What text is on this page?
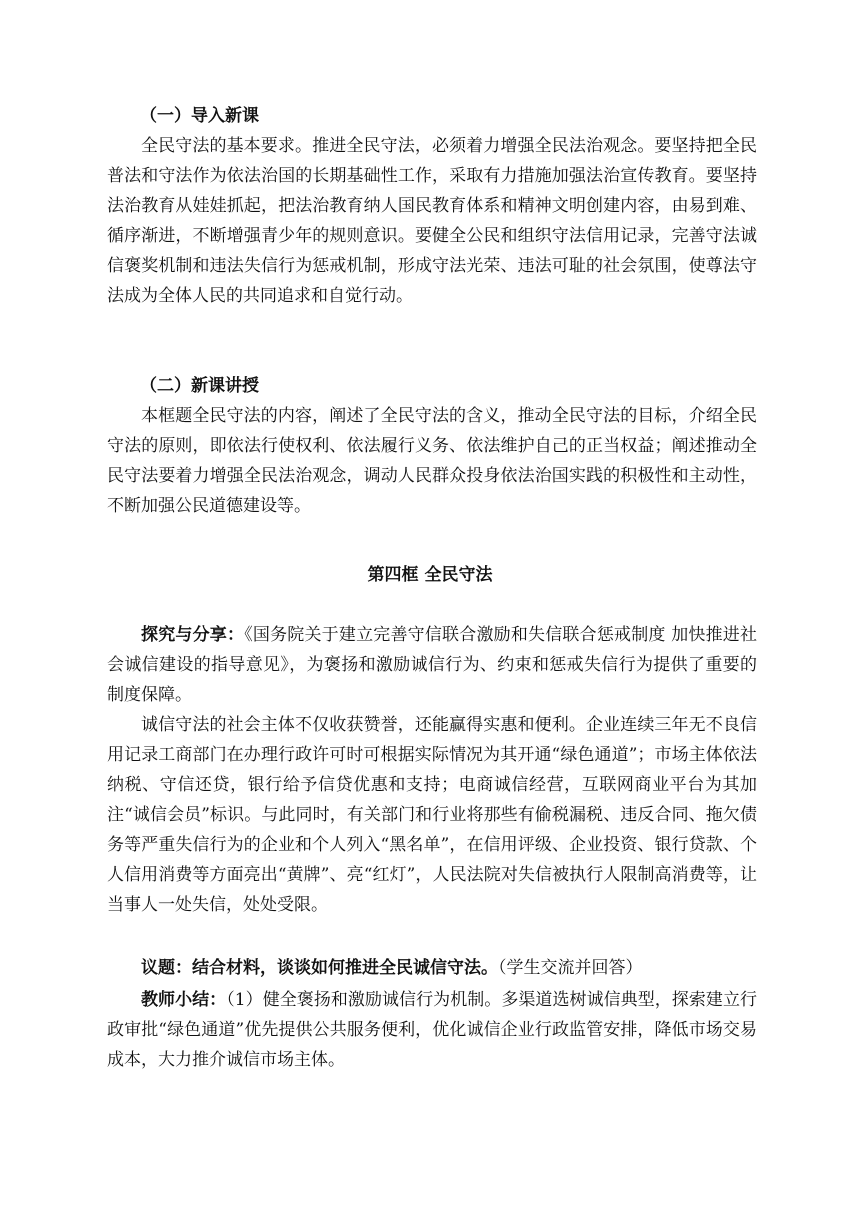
（一）导入新课
全民守法的基本要求。推进全民守法，必须着力增强全民法治观念。要坚持把全民普法和守法作为依法治国的长期基础性工作，采取有力措施加强法治宣传教育。要坚持法治教育从娃娃抓起，把法治教育纳人国民教育体系和精神文明创建内容，由易到难、循序渐进，不断增强青少年的规则意识。要健全公民和组织守法信用记录，完善守法诚信褒奖机制和违法失信行为惩戒机制，形成守法光荣、违法可耻的社会氛围，使尊法守法成为全体人民的共同追求和自觉行动。
（二）新课讲授
本框题全民守法的内容，阐述了全民守法的含义，推动全民守法的目标，介绍全民守法的原则，即依法行使权利、依法履行义务、依法维护自己的正当权益；阐述推动全民守法要着力增强全民法治观念，调动人民群众投身依法治国实践的积极性和主动性，不断加强公民道德建设等。
第四框 全民守法
探究与分享：《国务院关于建立完善守信联合激励和失信联合惩戒制度 加快推进社会诚信建设的指导意见》，为褒扬和激励诚信行为、约束和惩戒失信行为提供了重要的制度保障。
诚信守法的社会主体不仅收获赞誉，还能赢得实惠和便利。企业连续三年无不良信用记录工商部门在办理行政许可时可根据实际情况为其开通“绿色通道”；市场主体依法纳税、守信还贷，银行给予信贷优惠和支持；电商诚信经营，互联网商业平台为其加注“诚信会员”标识。与此同时，有关部门和行业将那些有偷税漏税、违反合同、拖欠债务等严重失信行为的企业和个人列入“黑名单”，在信用评级、企业投资、银行贷款、个人信用消费等方面亮出“黄牌”、亮“红灯”，人民法院对失信被执行人限制高消费等，让当事人一处失信，处处受限。
议题：结合材料，谈谈如何推进全民诚信守法。（学生交流并回答）
教师小结：（1）健全褒扬和激励诚信行为机制。多渠道选树诚信典型，探索建立行政审批“绿色通道”优先提供公共服务便利，优化诚信企业行政监管安排，降低市场交易成本，大力推介诚信市场主体。
